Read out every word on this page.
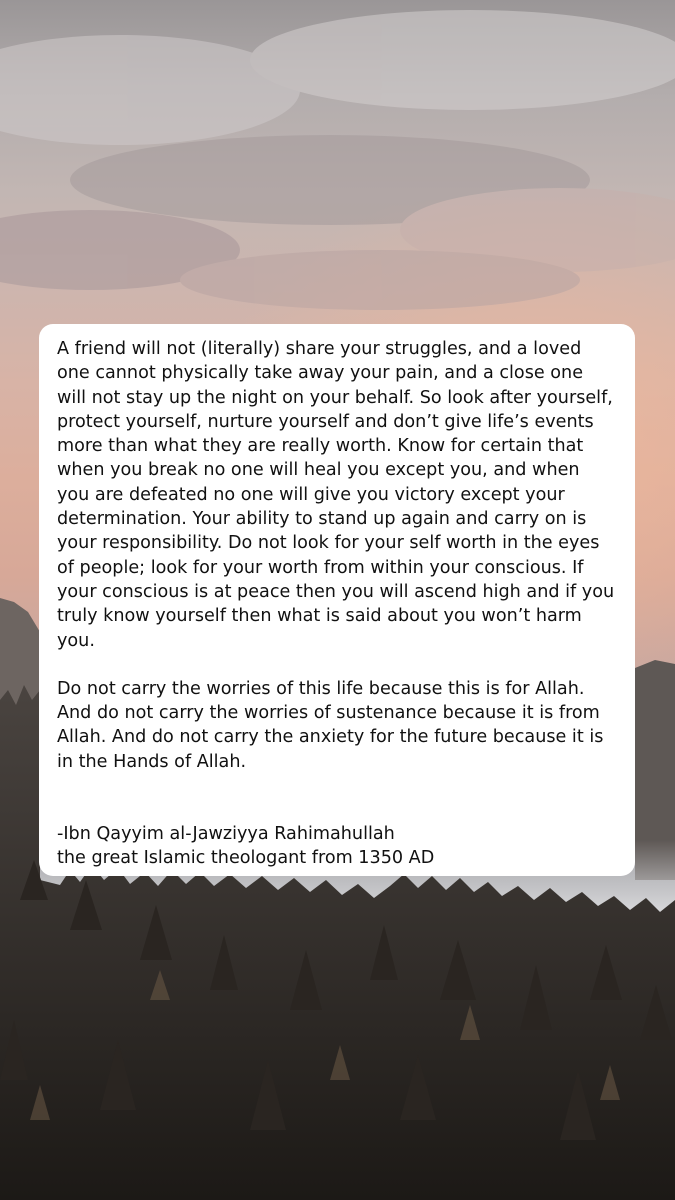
A friend will not (literally) share your struggles, and a loved one cannot physically take away your pain, and a close one will not stay up the night on your behalf. So look after yourself, protect yourself, nurture yourself and don’t give life’s events more than what they are really worth. Know for certain that when you break no one will heal you except you, and when you are defeated no one will give you victory except your determination. Your ability to stand up again and carry on is your responsibility. Do not look for your self worth in the eyes of people; look for your worth from within your conscious. If your conscious is at peace then you will ascend high and if you truly know yourself then what is said about you won’t harm you.

Do not carry the worries of this life because this is for Allah. And do not carry the worries of sustenance because it is from Allah. And do not carry the anxiety for the future because it is in the Hands of Allah.

-Ibn Qayyim al-Jawziyya Rahimahullah

the great Islamic theologant from 1350 AD
